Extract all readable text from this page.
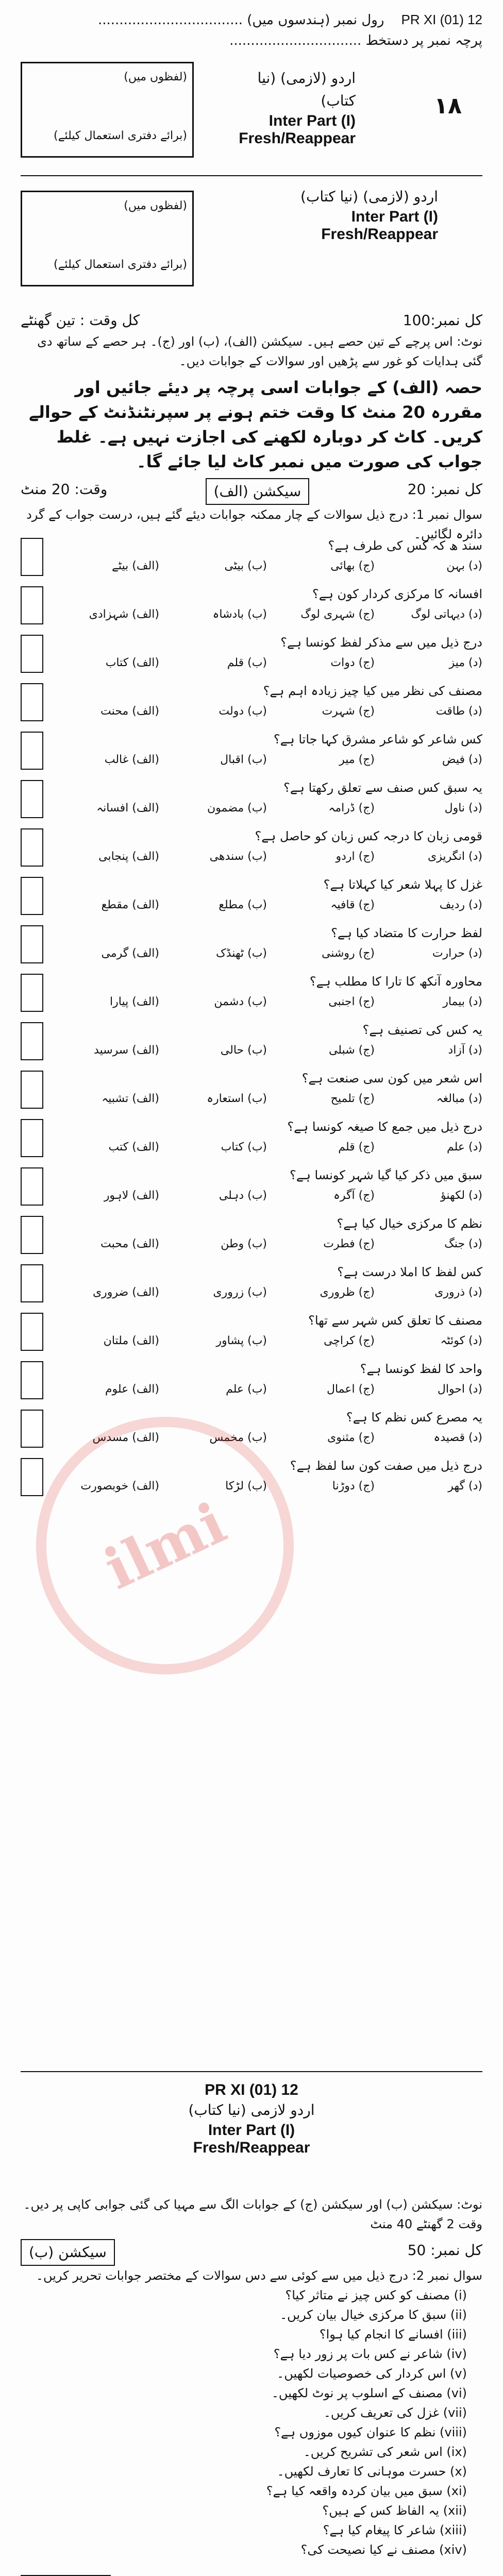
PR XI (01) 12    رول نمبر (ہندسوں میں) ..................................
پرچہ نمبر پر دستخط ...............................
(لفظوں میں)
(برائے دفتری استعمال کیلئے)
اردو (لازمی) (نیا کتاب)
Inter Part (I)
Fresh/Reappear
۱۸
(لفظوں میں)
(برائے دفتری استعمال کیلئے)
اردو (لازمی) (نیا کتاب)
Inter Part (I)
Fresh/Reappear
کل وقت : تین گھنٹے	کل نمبر:100
نوٹ: اس پرچے کے تین حصے ہیں۔ سیکشن (الف)، (ب) اور (ج)۔ ہر حصے کے ساتھ دی گئی ہدایات کو غور سے پڑھیں اور سوالات کے جوابات دیں۔
حصہ (الف) کے جوابات اسی پرچہ پر دیئے جائیں اور مقررہ 20 منٹ کا وقت ختم ہونے پر سپرنٹنڈنٹ کے حوالے کریں۔ کاٹ کر دوبارہ لکھنے کی اجازت نہیں ہے۔ غلط جواب کی صورت میں نمبر کاٹ لیا جائے گا۔
وقت: 20 منٹ	سیکشن (الف)	کل نمبر: 20
سوال نمبر 1: درج ذیل سوالات کے چار ممکنہ جوابات دیئے گئے ہیں، درست جواب کے گرد دائرہ لگائیں۔
سند ھ کہ کس کی طرف ہے؟
(الف) بیٹے	(ب) بیٹی	(ج) بھائی	(د) بہن
افسانہ کا مرکزی کردار کون ہے؟
(الف) شہزادی	(ب) بادشاہ	(ج) شہری لوگ	(د) دیہاتی لوگ
درج ذیل میں سے مذکر لفظ کونسا ہے؟
(الف) کتاب	(ب) قلم	(ج) دوات	(د) میز
مصنف کی نظر میں کیا چیز زیادہ اہم ہے؟
(الف) محنت	(ب) دولت	(ج) شہرت	(د) طاقت
کس شاعر کو شاعر مشرق کہا جاتا ہے؟
(الف) غالب	(ب) اقبال	(ج) میر	(د) فیض
یہ سبق کس صنف سے تعلق رکھتا ہے؟
(الف) افسانہ	(ب) مضمون	(ج) ڈرامہ	(د) ناول
قومی زبان کا درجہ کس زبان کو حاصل ہے؟
(الف) پنجابی	(ب) سندھی	(ج) اردو	(د) انگریزی
غزل کا پہلا شعر کیا کہلاتا ہے؟
(الف) مقطع	(ب) مطلع	(ج) قافیہ	(د) ردیف
لفظ حرارت کا متضاد کیا ہے؟
(الف) گرمی	(ب) ٹھنڈک	(ج) روشنی	(د) حرارت
محاورہ آنکھ کا تارا کا مطلب ہے؟
(الف) پیارا	(ب) دشمن	(ج) اجنبی	(د) بیمار
یہ کس کی تصنیف ہے؟
(الف) سرسید	(ب) حالی	(ج) شبلی	(د) آزاد
اس شعر میں کون سی صنعت ہے؟
(الف) تشبیہ	(ب) استعارہ	(ج) تلمیح	(د) مبالغہ
درج ذیل میں جمع کا صیغہ کونسا ہے؟
(الف) کتب	(ب) کتاب	(ج) قلم	(د) علم
سبق میں ذکر کیا گیا شہر کونسا ہے؟
(الف) لاہور	(ب) دہلی	(ج) آگرہ	(د) لکھنؤ
نظم کا مرکزی خیال کیا ہے؟
(الف) محبت	(ب) وطن	(ج) فطرت	(د) جنگ
کس لفظ کا املا درست ہے؟
(الف) ضروری	(ب) زروری	(ج) ظروری	(د) ذروری
مصنف کا تعلق کس شہر سے تھا؟
(الف) ملتان	(ب) پشاور	(ج) کراچی	(د) کوئٹہ
واحد کا لفظ کونسا ہے؟
(الف) علوم	(ب) علم	(ج) اعمال	(د) احوال
یہ مصرع کس نظم کا ہے؟
(الف) مسدس	(ب) مخمس	(ج) مثنوی	(د) قصیدہ
درج ذیل میں صفت کون سا لفظ ہے؟
(الف) خوبصورت	(ب) لڑکا	(ج) دوڑنا	(د) گھر
ilmi
PR XI (01) 12
اردو لازمی (نیا کتاب)
Inter Part (I)
Fresh/Reappear
نوٹ: سیکشن (ب) اور سیکشن (ج) کے جوابات الگ سے مہیا کی گئی جوابی کاپی پر دیں۔ وقت 2 گھنٹے 40 منٹ
سیکشن (ب)	کل نمبر: 50
سوال نمبر 2: درج ذیل میں سے کوئی سے دس سوالات کے مختصر جوابات تحریر کریں۔
(i) مصنف کو کس چیز نے متاثر کیا؟
(ii) سبق کا مرکزی خیال بیان کریں۔
(iii) افسانے کا انجام کیا ہوا؟
(iv) شاعر نے کس بات پر زور دیا ہے؟
(v) اس کردار کی خصوصیات لکھیں۔
(vi) مصنف کے اسلوب پر نوٹ لکھیں۔
(vii) غزل کی تعریف کریں۔
(viii) نظم کا عنوان کیوں موزوں ہے؟
(ix) اس شعر کی تشریح کریں۔
(x) حسرت موہانی کا تعارف لکھیں۔
(xi) سبق میں بیان کردہ واقعہ کیا ہے؟
(xii) یہ الفاظ کس کے ہیں؟
(xiii) شاعر کا پیغام کیا ہے؟
(xiv) مصنف نے کیا نصیحت کی؟
